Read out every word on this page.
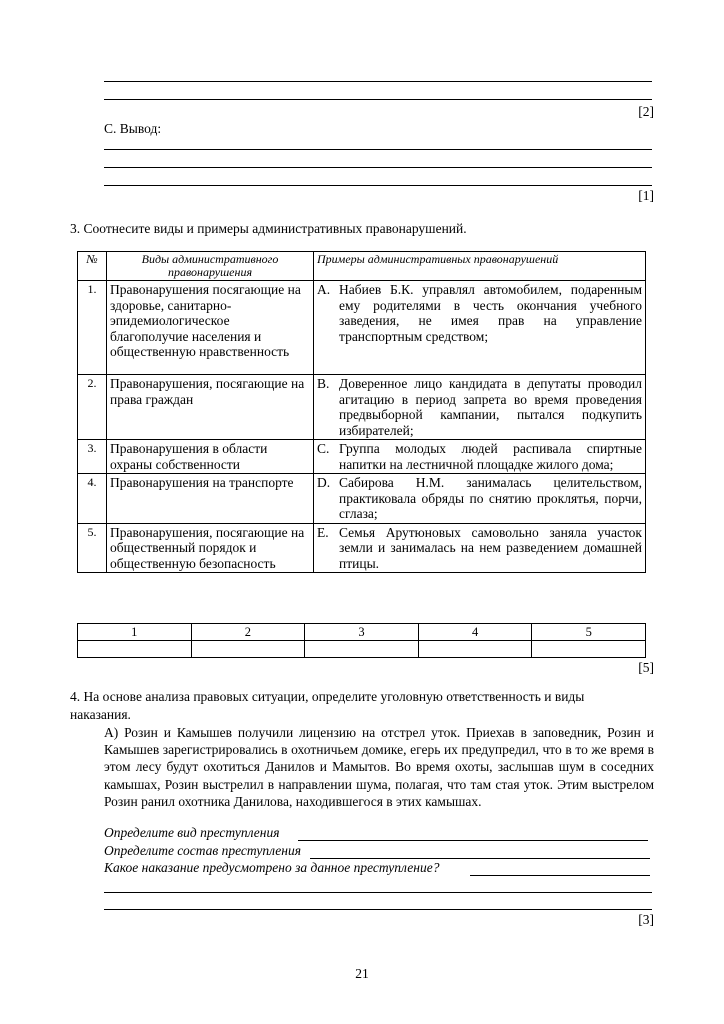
[2]
С. Вывод:
[1]
3. Соотнесите виды и примеры административных правонарушений.
№	Виды административного правонарушения	Примеры административных правонарушений
1.	Правонарушения посягающие на здоровье, санитарно-эпидемиологическое благополучие населения и общественную нравственность	A. Набиев Б.К. управлял автомобилем, подаренным ему родителями в честь окончания учебного заведения, не имея прав на управление транспортным средством;

2.	Правонарушения, посягающие на права граждан	B. Доверенное лицо кандидата в депутаты проводил агитацию в период запрета во время проведения предвыборной кампании, пытался подкупить избирателей;

3.	Правонарушения в области охраны собственности	C. Группа молодых людей распивала спиртные напитки на лестничной площадке жилого дома;

4.	Правонарушения на транспорте	D. Сабирова Н.М. занималась целительством, практиковала обряды по снятию проклятья, порчи, сглаза;

5.	Правонарушения, посягающие на общественный порядок и общественную безопасность	E. Семья Арутюновых самовольно заняла участок земли и занималась на нем разведением домашней птицы.
1	2	3	4	5

[5]
4. На основе анализа правовых ситуации, определите уголовную ответственность и виды
наказания.
А) Розин и Камышев получили лицензию на отстрел уток. Приехав в заповедник, Розин и Камышев зарегистрировались в охотничьем домике, егерь их предупредил, что в то же время в этом лесу будут охотиться Данилов и Мамытов. Во время охоты, заслышав шум в соседних камышах, Розин выстрелил в направлении шума, полагая, что там стая уток. Этим выстрелом Розин ранил охотника Данилова, находившегося в этих камышах.
Определите вид преступления
Определите состав преступления
Какое наказание предусмотрено за данное преступление?
[3]
21
